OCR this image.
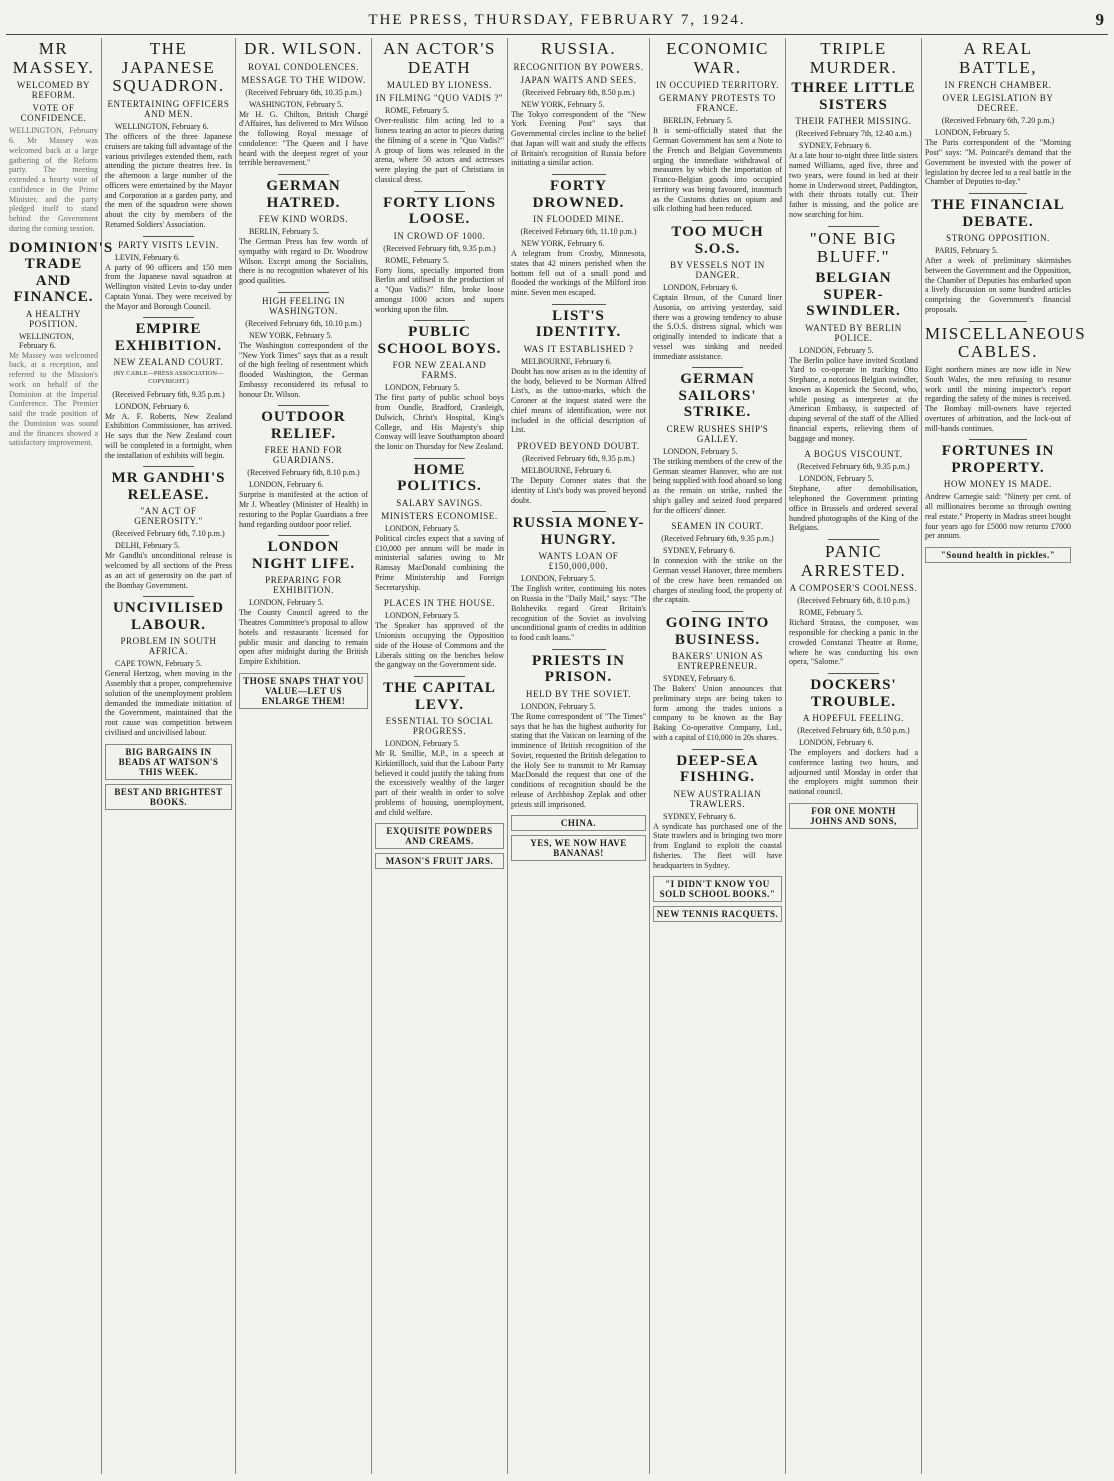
THE PRESS, THURSDAY, FEBRUARY 7, 1924.	9
MR MASSEY.
WELCOMED BY REFORM.
VOTE OF CONFIDENCE.
WELLINGTON, February 6. Mr Massey was welcomed back at a large gathering of the Reform party. The meeting extended a hearty vote of confidence in the Prime Minister, and the party pledged itself to stand behind the Government during the coming session.
DOMINION'S TRADE AND FINANCE.
A HEALTHY POSITION.
WELLINGTON, February 6.
Mr Massey was welcomed back, at a reception, and referred to the Mission's work on behalf of the Dominion at the Imperial Conference. The Premier said the trade position of the Dominion was sound and the finances showed a satisfactory improvement.
THE JAPANESE SQUADRON.
ENTERTAINING OFFICERS AND MEN.
WELLINGTON, February 6.
The officers of the three Japanese cruisers are taking full advantage of the various privileges extended them, each attending the picture theatres free. In the afternoon a large number of the officers were entertained by the Mayor and Corporation at a garden party, and the men of the squadron were shown about the city by members of the Returned Soldiers' Association.
PARTY VISITS LEVIN.
LEVIN, February 6.
A party of 90 officers and 150 men from the Japanese naval squadron at Wellington visited Levin to-day under Captain Yonai. They were received by the Mayor and Borough Council.
EMPIRE EXHIBITION.
NEW ZEALAND COURT.
(BY CABLE—PRESS ASSOCIATION—COPYRIGHT.)
(Received February 6th, 9.35 p.m.)
LONDON, February 6.
Mr A. F. Roberts, New Zealand Exhibition Commissioner, has arrived. He says that the New Zealand court will be completed in a fortnight, when the installation of exhibits will begin.
MR GANDHI'S RELEASE.
"AN ACT OF GENEROSITY."
(Received February 6th, 7.10 p.m.)
DELHI, February 5.
Mr Gandhi's unconditional release is welcomed by all sections of the Press as an act of generosity on the part of the Bombay Government.
UNCIVILISED LABOUR.
PROBLEM IN SOUTH AFRICA.
CAPE TOWN, February 5.
General Hertzog, when moving in the Assembly that a proper, comprehensive solution of the unemployment problem demanded the immediate initiation of the Government, maintained that the root cause was competition between civilised and uncivilised labour.
BIG BARGAINS IN BEADS AT WATSON'S THIS WEEK.
BEST AND BRIGHTEST BOOKS.
DR. WILSON.
ROYAL CONDOLENCES.
MESSAGE TO THE WIDOW.
(Received February 6th, 10.35 p.m.)
WASHINGTON, February 5.
Mr H. G. Chilton, British Chargé d'Affaires, has delivered to Mrs Wilson the following Royal message of condolence: "The Queen and I have heard with the deepest regret of your terrible bereavement."
GERMAN HATRED.
FEW KIND WORDS.
BERLIN, February 5.
The German Press has few words of sympathy with regard to Dr. Woodrow Wilson. Except among the Socialists, there is no recognition whatever of his good qualities.
HIGH FEELING IN WASHINGTON.
(Received February 6th, 10.10 p.m.)
NEW YORK, February 5.
The Washington correspondent of the "New York Times" says that as a result of the high feeling of resentment which flooded Washington, the German Embassy reconsidered its refusal to honour Dr. Wilson.
OUTDOOR RELIEF.
FREE HAND FOR GUARDIANS.
(Received February 6th, 8.10 p.m.)
LONDON, February 6.
Surprise is manifested at the action of Mr J. Wheatley (Minister of Health) in restoring to the Poplar Guardians a free hand regarding outdoor poor relief.
LONDON NIGHT LIFE.
PREPARING FOR EXHIBITION.
LONDON, February 5.
The County Council agreed to the Theatres Committee's proposal to allow hotels and restaurants licensed for public music and dancing to remain open after midnight during the British Empire Exhibition.
THOSE SNAPS THAT YOU VALUE—LET US ENLARGE THEM!
AN ACTOR'S DEATH
MAULED BY LIONESS.
IN FILMING "QUO VADIS ?"
ROME, February 5.
Over-realistic film acting led to a lioness tearing an actor to pieces during the filming of a scene in "Quo Vadis?" A group of lions was released in the arena, where 50 actors and actresses were playing the part of Christians in classical dress.
FORTY LIONS LOOSE.
IN CROWD OF 1000.
(Received February 6th, 9.35 p.m.)
ROME, February 5.
Forty lions, specially imported from Berlin and utilised in the production of a "Quo Vadis?" film, broke loose amongst 1000 actors and supers working upon the film.
PUBLIC SCHOOL BOYS.
FOR NEW ZEALAND FARMS.
LONDON, February 5.
The first party of public school boys from Oundle, Bradford, Cranleigh, Dulwich, Christ's Hospital, King's College, and His Majesty's ship Conway will leave Southampton aboard the Ionic on Thursday for New Zealand.
HOME POLITICS.
SALARY SAVINGS.
MINISTERS ECONOMISE.
LONDON, February 5.
Political circles expect that a saving of £10,000 per annum will be made in ministerial salaries owing to Mr Ramsay MacDonald combining the Prime Ministership and Foreign Secretaryship.
PLACES IN THE HOUSE.
LONDON, February 5.
The Speaker has approved of the Unionists occupying the Opposition side of the House of Commons and the Liberals sitting on the benches below the gangway on the Government side.
THE CAPITAL LEVY.
ESSENTIAL TO SOCIAL PROGRESS.
LONDON, February 5.
Mr R. Smillie, M.P., in a speech at Kirkintilloch, said that the Labour Party believed it could justify the taking from the excessively wealthy of the larger part of their wealth in order to solve problems of housing, unemployment, and child welfare.
EXQUISITE POWDERS AND CREAMS.
MASON'S FRUIT JARS.
RUSSIA.
RECOGNITION BY POWERS.
JAPAN WAITS AND SEES.
(Received February 6th, 8.50 p.m.)
NEW YORK, February 5.
The Tokyo correspondent of the "New York Evening Post" says that Governmental circles incline to the belief that Japan will wait and study the effects of Britain's recognition of Russia before initiating a similar action.
FORTY DROWNED.
IN FLOODED MINE.
(Received February 6th, 11.10 p.m.)
NEW YORK, February 6.
A telegram from Crosby, Minnesota, states that 42 miners perished when the bottom fell out of a small pond and flooded the workings of the Milford iron mine. Seven men escaped.
LIST'S IDENTITY.
WAS IT ESTABLISHED ?
MELBOURNE, February 6.
Doubt has now arisen as to the identity of the body, believed to be Norman Alfred List's, as the tattoo-marks, which the Coroner at the inquest stated were the chief means of identification, were not included in the official description of List.
PROVED BEYOND DOUBT.
(Received February 6th, 9.35 p.m.)
MELBOURNE, February 6.
The Deputy Coroner states that the identity of List's body was proved beyond doubt.
RUSSIA MONEY-HUNGRY.
WANTS LOAN OF £150,000,000.
LONDON, February 5.
The English writer, continuing his notes on Russia in the "Daily Mail," says: "The Bolsheviks regard Great Britain's recognition of the Soviet as involving unconditional grants of credits in addition to food cash loans."
PRIESTS IN PRISON.
HELD BY THE SOVIET.
LONDON, February 5.
The Rome correspondent of "The Times" says that he has the highest authority for stating that the Vatican on learning of the imminence of British recognition of the Soviet, requested the British delegation to the Holy See to transmit to Mr Ramsay MacDonald the request that one of the conditions of recognition should be the release of Archbishop Zeplak and other priests still imprisoned.
CHINA.
YES, WE NOW HAVE BANANAS!
ECONOMIC WAR.
IN OCCUPIED TERRITORY.
GERMANY PROTESTS TO FRANCE.
BERLIN, February 5.
It is semi-officially stated that the German Government has sent a Note to the French and Belgian Governments urging the immediate withdrawal of measures by which the importation of Franco-Belgian goods into occupied territory was being favoured, inasmuch as the Customs duties on opium and silk clothing had been reduced.
TOO MUCH S.O.S.
BY VESSELS NOT IN DANGER.
LONDON, February 6.
Captain Broun, of the Cunard liner Ausonia, on arriving yesterday, said there was a growing tendency to abuse the S.O.S. distress signal, which was originally intended to indicate that a vessel was sinking and needed immediate assistance.
GERMAN SAILORS' STRIKE.
CREW RUSHES SHIP'S GALLEY.
LONDON, February 5.
The striking members of the crew of the German steamer Hanover, who are not being supplied with food aboard so long as the remain on strike, rushed the ship's galley and seized food prepared for the officers' dinner.
SEAMEN IN COURT.
(Received February 6th, 9.35 p.m.)
SYDNEY, February 6.
In connexion with the strike on the German vessel Hanover, three members of the crew have been remanded on charges of stealing food, the property of the captain.
GOING INTO BUSINESS.
BAKERS' UNION AS ENTREPRENEUR.
SYDNEY, February 6.
The Bakers' Union announces that preliminary steps are being taken to form among the trades unions a company to be known as the Bay Baking Co-operative Company, Ltd., with a capital of £10,000 in 20s shares.
DEEP-SEA FISHING.
NEW AUSTRALIAN TRAWLERS.
SYDNEY, February 6.
A syndicate has purchased one of the State trawlers and is bringing two more from England to exploit the coastal fisheries. The fleet will have headquarters in Sydney.
"I DIDN'T KNOW YOU SOLD SCHOOL BOOKS."
NEW TENNIS RACQUETS.
TRIPLE MURDER.
THREE LITTLE SISTERS
THEIR FATHER MISSING.
(Received February 7th, 12.40 a.m.)
SYDNEY, February 6.
At a late hour to-night three little sisters named Williams, aged five, three and two years, were found in bed at their home in Underwood street, Paddington, with their throats totally cut. Their father is missing, and the police are now searching for him.
"ONE BIG BLUFF."
BELGIAN SUPER-SWINDLER.
WANTED BY BERLIN POLICE.
LONDON, February 5.
The Berlin police have invited Scotland Yard to co-operate in tracking Otto Stephane, a notorious Belgian swindler, known as Kopenick the Second, who, while posing as interpreter at the American Embassy, is suspected of duping several of the staff of the Allied financial experts, relieving them of baggage and money.
A BOGUS VISCOUNT.
(Received February 6th, 9.35 p.m.)
LONDON, February 5.
Stephane, after demobilisation, telephoned the Government printing office in Brussels and ordered several hundred photographs of the King of the Belgians.
PANIC ARRESTED.
A COMPOSER'S COOLNESS.
(Received February 6th, 8.10 p.m.)
ROME, February 5.
Richard Strauss, the composer, was responsible for checking a panic in the crowded Constanzi Theatre at Rome, where he was conducting his own opera, "Salome."
DOCKERS' TROUBLE.
A HOPEFUL FEELING.
(Received February 6th, 8.50 p.m.)
LONDON, February 6.
The employers and dockers had a conference lasting two hours, and adjourned until Monday in order that the employers might summon their national council.
FOR ONE MONTH
JOHNS AND SONS,
A REAL BATTLE,
IN FRENCH CHAMBER.
OVER LEGISLATION BY DECREE.
(Received February 6th, 7.20 p.m.)
LONDON, February 5.
The Paris correspondent of the "Morning Post" says: "M. Poincaré's demand that the Government be invested with the power of legislation by decree led to a real battle in the Chamber of Deputies to-day."
THE FINANCIAL DEBATE.
STRONG OPPOSITION.
PARIS, February 5.
After a week of preliminary skirmishes between the Government and the Opposition, the Chamber of Deputies has embarked upon a lively discussion on some hundred articles comprising the Government's financial proposals.
MISCELLANEOUS CABLES.
Eight northern mines are now idle in New South Wales, the men refusing to resume work until the mining inspector's report regarding the safety of the mines is received. The Bombay mill-owners have rejected overtures of arbitration, and the lock-out of mill-hands continues.
FORTUNES IN PROPERTY.
HOW MONEY IS MADE.
Andrew Carnegie said: "Ninety per cent. of all millionaires become so through owning real estate." Property in Madras street bought four years ago for £5000 now returns £7000 per annum.
"Sound health in pickles."
